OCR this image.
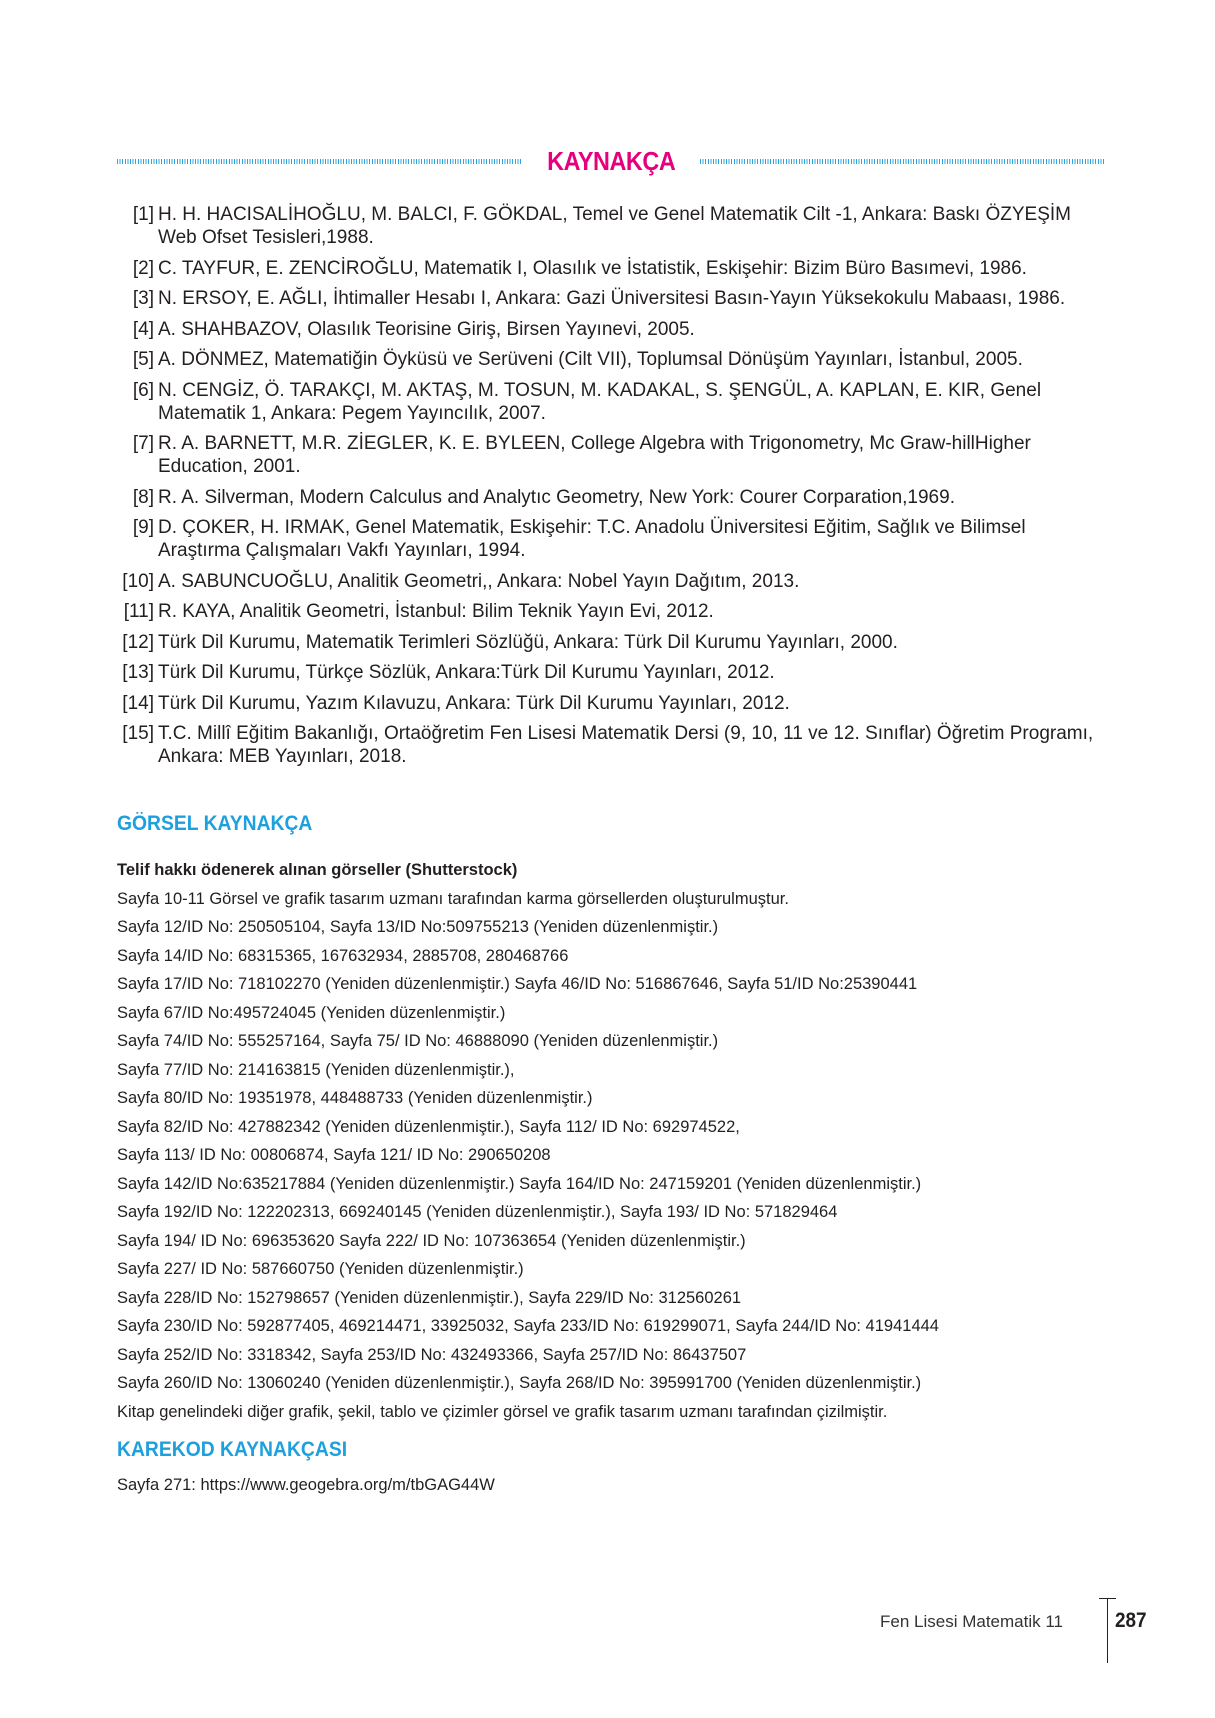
KAYNAKÇA
[1] H. H. HACISALİHOĞLU, M. BALCI, F. GÖKDAL, Temel ve Genel Matematik Cilt -1, Ankara: Baskı ÖZYEŞİM Web Ofset Tesisleri,1988.
[2] C. TAYFUR, E. ZENCİROĞLU, Matematik I, Olasılık ve İstatistik, Eskişehir: Bizim Büro Basımevi, 1986.
[3] N. ERSOY, E. AĞLI, İhtimaller Hesabı I, Ankara: Gazi Üniversitesi Basın-Yayın Yüksekokulu Mabaası, 1986.
[4] A. SHAHBAZOV, Olasılık Teorisine Giriş, Birsen Yayınevi, 2005.
[5] A. DÖNMEZ, Matematiğin Öyküsü ve Serüveni (Cilt VII), Toplumsal Dönüşüm Yayınları, İstanbul, 2005.
[6] N. CENGİZ, Ö. TARAKÇI, M. AKTAŞ, M. TOSUN, M. KADAKAL, S. ŞENGÜL, A. KAPLAN, E. KIR, Genel Matematik 1, Ankara: Pegem Yayıncılık, 2007.
[7] R. A. BARNETT, M.R. ZİEGLER, K. E. BYLEEN, College Algebra with Trigonometry, Mc Graw-hillHigher Education, 2001.
[8] R. A. Silverman, Modern Calculus and Analytıc Geometry, New York: Courer Corparation,1969.
[9] D. ÇOKER, H. IRMAK, Genel Matematik, Eskişehir: T.C. Anadolu Üniversitesi Eğitim, Sağlık ve Bilimsel Araştırma Çalışmaları Vakfı Yayınları, 1994.
[10] A. SABUNCUOĞLU, Analitik Geometri,, Ankara: Nobel Yayın Dağıtım, 2013.
[11] R. KAYA, Analitik Geometri, İstanbul: Bilim Teknik Yayın Evi, 2012.
[12] Türk Dil Kurumu, Matematik Terimleri Sözlüğü, Ankara: Türk Dil Kurumu Yayınları, 2000.
[13] Türk Dil Kurumu, Türkçe Sözlük, Ankara:Türk Dil Kurumu Yayınları, 2012.
[14] Türk Dil Kurumu, Yazım Kılavuzu, Ankara: Türk Dil Kurumu Yayınları, 2012.
[15] T.C. Millî Eğitim Bakanlığı, Ortaöğretim Fen Lisesi Matematik Dersi (9, 10, 11 ve 12. Sınıflar) Öğretim Programı, Ankara: MEB Yayınları, 2018.
GÖRSEL KAYNAKÇA
Telif hakkı ödenerek alınan görseller (Shutterstock)
Sayfa 10-11 Görsel ve grafik tasarım uzmanı tarafından karma görsellerden oluşturulmuştur.
Sayfa 12/ID No: 250505104, Sayfa 13/ID No:509755213 (Yeniden düzenlenmiştir.)
Sayfa 14/ID No: 68315365, 167632934, 2885708, 280468766
Sayfa 17/ID No: 718102270 (Yeniden düzenlenmiştir.) Sayfa 46/ID No: 516867646, Sayfa 51/ID No:25390441
Sayfa 67/ID No:495724045 (Yeniden düzenlenmiştir.)
Sayfa 74/ID No: 555257164, Sayfa 75/ ID No: 46888090 (Yeniden düzenlenmiştir.)
Sayfa 77/ID No: 214163815 (Yeniden düzenlenmiştir.),
Sayfa 80/ID No: 19351978, 448488733 (Yeniden düzenlenmiştir.)
Sayfa 82/ID No: 427882342 (Yeniden düzenlenmiştir.), Sayfa 112/ ID No: 692974522,
Sayfa 113/ ID No: 00806874, Sayfa 121/ ID No: 290650208
Sayfa 142/ID No:635217884 (Yeniden düzenlenmiştir.) Sayfa 164/ID No: 247159201 (Yeniden düzenlenmiştir.)
Sayfa 192/ID No: 122202313, 669240145 (Yeniden düzenlenmiştir.), Sayfa 193/ ID No: 571829464
Sayfa 194/ ID No: 696353620 Sayfa 222/ ID No: 107363654 (Yeniden düzenlenmiştir.)
Sayfa 227/ ID No: 587660750 (Yeniden düzenlenmiştir.)
Sayfa 228/ID No: 152798657 (Yeniden düzenlenmiştir.), Sayfa 229/ID No: 312560261
Sayfa 230/ID No: 592877405, 469214471, 33925032, Sayfa 233/ID No: 619299071, Sayfa 244/ID No: 41941444
Sayfa 252/ID No: 3318342, Sayfa 253/ID No: 432493366, Sayfa 257/ID No: 86437507
Sayfa 260/ID No: 13060240 (Yeniden düzenlenmiştir.), Sayfa 268/ID No: 395991700 (Yeniden düzenlenmiştir.)
Kitap genelindeki diğer grafik, şekil, tablo ve çizimler görsel ve grafik tasarım uzmanı tarafından çizilmiştir.
KAREKOD KAYNAKÇASI
Sayfa 271: https://www.geogebra.org/m/tbGAG44W
Fen Lisesi Matematik 11 287
